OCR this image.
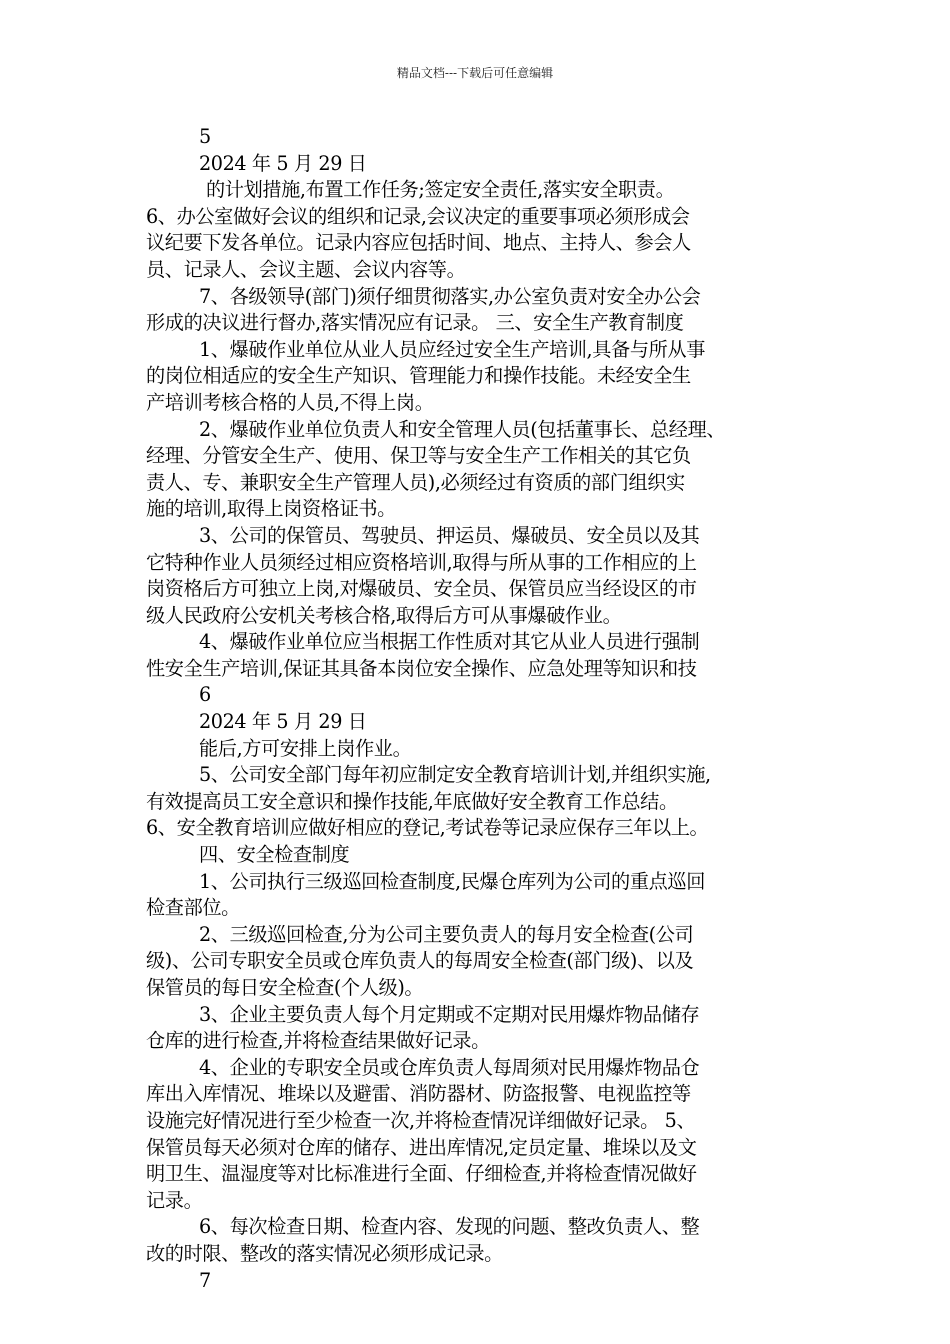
精品文档---下载后可任意编辑
5
2024 年 5 月 29 日
的计划措施,布置工作任务;签定安全责任,落实安全职责。
6、办公室做好会议的组织和记录,会议决定的重要事项必须形成会
议纪要下发各单位。记录内容应包括时间、地点、主持人、参会人
员、记录人、会议主题、会议内容等。
7、各级领导(部门)须仔细贯彻落实,办公室负责对安全办公会
形成的决议进行督办,落实情况应有记录。 三、安全生产教育制度
1、爆破作业单位从业人员应经过安全生产培训,具备与所从事
的岗位相适应的安全生产知识、管理能力和操作技能。未经安全生
产培训考核合格的人员,不得上岗。
2、爆破作业单位负责人和安全管理人员(包括董事长、总经理、
经理、分管安全生产、使用、保卫等与安全生产工作相关的其它负
责人、专、兼职安全生产管理人员),必须经过有资质的部门组织实
施的培训,取得上岗资格证书。
3、公司的保管员、驾驶员、押运员、爆破员、安全员以及其
它特种作业人员须经过相应资格培训,取得与所从事的工作相应的上
岗资格后方可独立上岗,对爆破员、安全员、保管员应当经设区的市
级人民政府公安机关考核合格,取得后方可从事爆破作业。
4、爆破作业单位应当根据工作性质对其它从业人员进行强制
性安全生产培训,保证其具备本岗位安全操作、应急处理等知识和技
6
2024 年 5 月 29 日
能后,方可安排上岗作业。
5、公司安全部门每年初应制定安全教育培训计划,并组织实施,
有效提高员工安全意识和操作技能,年底做好安全教育工作总结。
6、安全教育培训应做好相应的登记,考试卷等记录应保存三年以上。
四、安全检查制度
1、公司执行三级巡回检查制度,民爆仓库列为公司的重点巡回
检查部位。
2、三级巡回检查,分为公司主要负责人的每月安全检查(公司
级)、公司专职安全员或仓库负责人的每周安全检查(部门级)、以及
保管员的每日安全检查(个人级)。
3、企业主要负责人每个月定期或不定期对民用爆炸物品储存
仓库的进行检查,并将检查结果做好记录。
4、企业的专职安全员或仓库负责人每周须对民用爆炸物品仓
库出入库情况、堆垛以及避雷、消防器材、防盗报警、电视监控等
设施完好情况进行至少检查一次,并将检查情况详细做好记录。 5、
保管员每天必须对仓库的储存、进出库情况,定员定量、堆垛以及文
明卫生、温湿度等对比标准进行全面、仔细检查,并将检查情况做好
记录。
6、每次检查日期、检查内容、发现的问题、整改负责人、整
改的时限、整改的落实情况必须形成记录。
7
